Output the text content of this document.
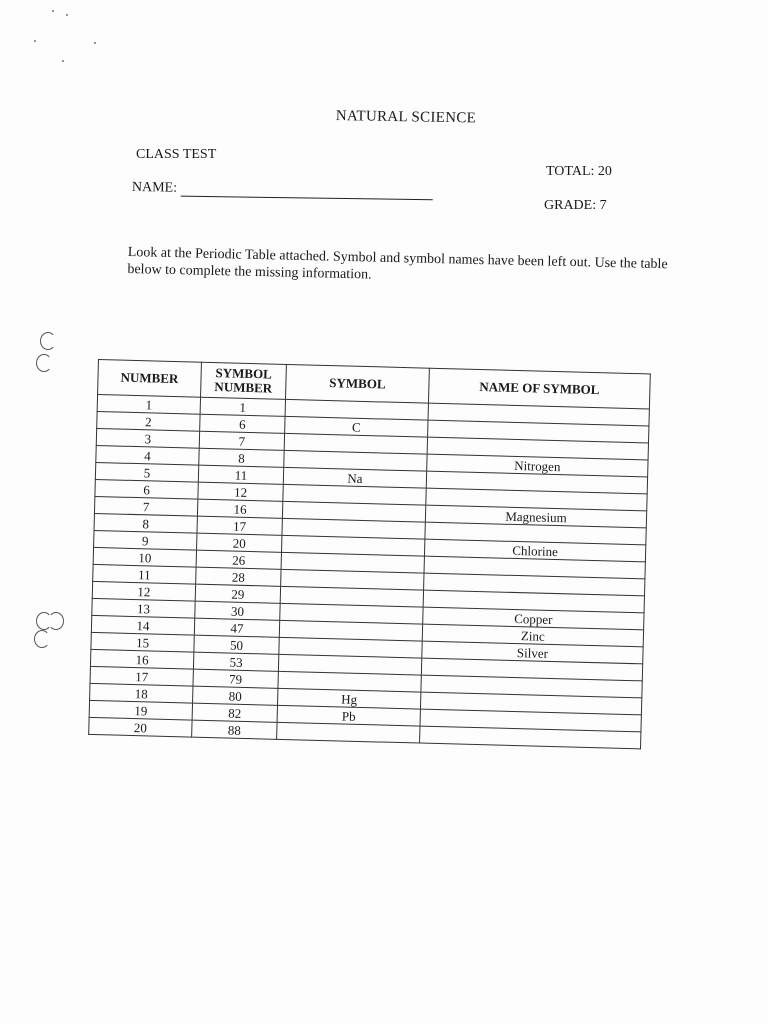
NATURAL SCIENCE
CLASS TEST
NAME:
TOTAL: 20
GRADE: 7
Look at the Periodic Table attached. Symbol and symbol names have been left out. Use the table below to complete the missing information.
NUMBER	SYMBOL NUMBER	SYMBOL	NAME OF SYMBOL
1	1		
2	6	C	
3	7		
4	8		Nitrogen
5	11	Na	
6	12		
7	16		Magnesium
8	17		
9	20		Chlorine
10	26		
11	28		
12	29		
13	30		Copper
14	47		Zinc
15	50		Silver
16	53		
17	79		
18	80	Hg	
19	82	Pb	
20	88		
